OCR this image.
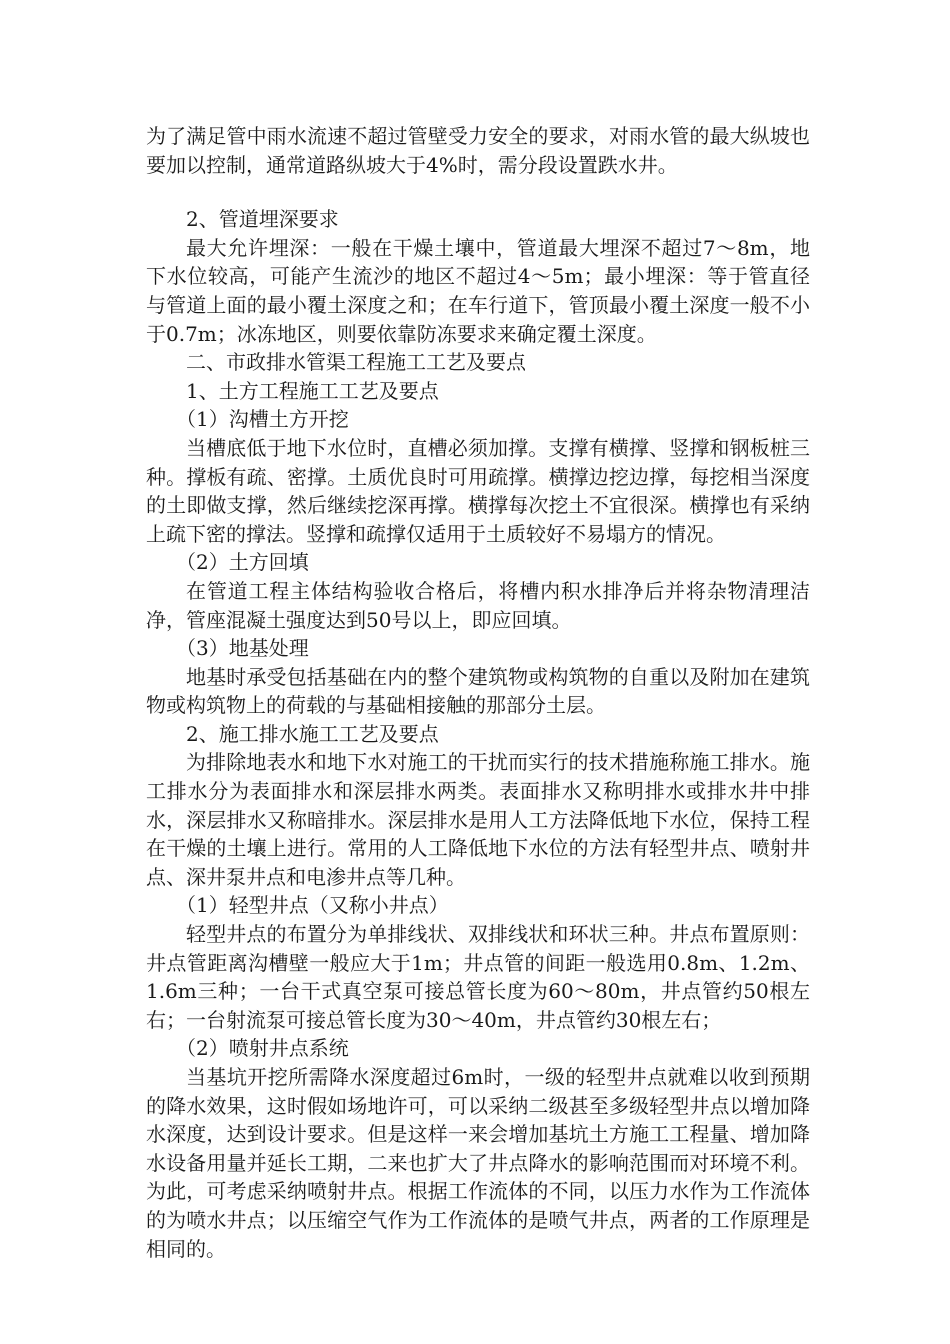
为了满足管中雨水流速不超过管壁受力安全的要求，对雨水管的最大纵坡也要加以控制，通常道路纵坡大于4%时，需分段设置跌水井。

2、管道埋深要求

最大允许埋深：一般在干燥土壤中，管道最大埋深不超过7～8m，地下水位较高，可能产生流沙的地区不超过4～5m；最小埋深：等于管直径与管道上面的最小覆土深度之和；在车行道下，管顶最小覆土深度一般不小于0.7m；冰冻地区，则要依靠防冻要求来确定覆土深度。

二、市政排水管渠工程施工工艺及要点

1、土方工程施工工艺及要点

（1）沟槽土方开挖

当槽底低于地下水位时，直槽必须加撑。支撑有横撑、竖撑和钢板桩三种。撑板有疏、密撑。土质优良时可用疏撑。横撑边挖边撑，每挖相当深度的土即做支撑，然后继续挖深再撑。横撑每次挖土不宜很深。横撑也有采纳上疏下密的撑法。竖撑和疏撑仅适用于土质较好不易塌方的情况。

（2）土方回填

在管道工程主体结构验收合格后，将槽内积水排净后并将杂物清理洁净，管座混凝土强度达到50号以上，即应回填。

（3）地基处理

地基时承受包括基础在内的整个建筑物或构筑物的自重以及附加在建筑物或构筑物上的荷载的与基础相接触的那部分土层。

2、施工排水施工工艺及要点

为排除地表水和地下水对施工的干扰而实行的技术措施称施工排水。施工排水分为表面排水和深层排水两类。表面排水又称明排水或排水井中排水，深层排水又称暗排水。深层排水是用人工方法降低地下水位，保持工程在干燥的土壤上进行。常用的人工降低地下水位的方法有轻型井点、喷射井点、深井泵井点和电渗井点等几种。

（1）轻型井点（又称小井点）

轻型井点的布置分为单排线状、双排线状和环状三种。井点布置原则：井点管距离沟槽壁一般应大于1m；井点管的间距一般选用0.8m、1.2m、1.6m三种；一台干式真空泵可接总管长度为60～80m，井点管约50根左右；一台射流泵可接总管长度为30～40m，井点管约30根左右；

（2）喷射井点系统

当基坑开挖所需降水深度超过6m时，一级的轻型井点就难以收到预期的降水效果，这时假如场地许可，可以采纳二级甚至多级轻型井点以增加降水深度，达到设计要求。但是这样一来会增加基坑土方施工工程量、增加降水设备用量并延长工期，二来也扩大了井点降水的影响范围而对环境不利。为此，可考虑采纳喷射井点。根据工作流体的不同，以压力水作为工作流体的为喷水井点；以压缩空气作为工作流体的是喷气井点，两者的工作原理是相同的。
